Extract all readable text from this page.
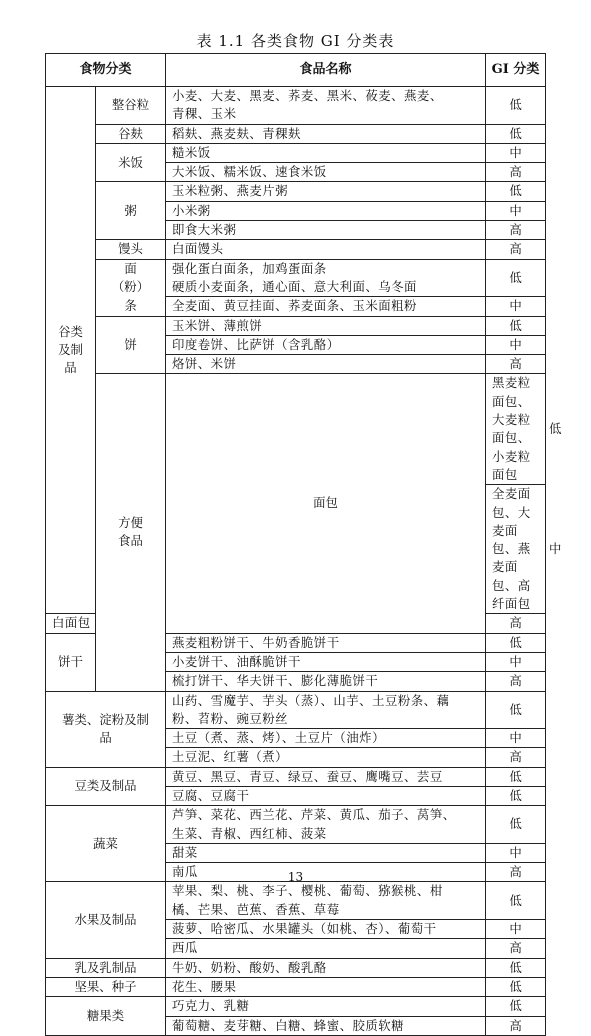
表 1.1 各类食物 GI 分类表
食物分类		食品名称	GI 分类	
谷类
及制
品	整谷粒	小麦、大麦、黑麦、荞麦、黑米、莜麦、燕麦、
青稞、玉米	低	
	谷麸	稻麸、燕麦麸、青稞麸	低	
	米饭	糙米饭	中	
		大米饭、糯米饭、速食米饭	高	
	粥	玉米粒粥、燕麦片粥	低	
		小米粥	中	
		即食大米粥	高	
	馒头	白面馒头	高	
	面
（粉）
条	强化蛋白面条，加鸡蛋面条
硬质小麦面条，通心面、意大利面、乌冬面	低	
		全麦面、黄豆挂面、荞麦面条、玉米面粗粉	中	
	饼	玉米饼、薄煎饼	低	
		印度卷饼、比萨饼（含乳酪）	中	
		烙饼、米饼	高	
	方便
食品	面包	黑麦粒面包、大麦粒面包、小麦粒面包	低
			全麦面包、大麦面包、燕麦面包、高纤面包	中
白面包			高	
饼干		燕麦粗粉饼干、牛奶香脆饼干	低	
		小麦饼干、油酥脆饼干	中	
		梳打饼干、华夫饼干、膨化薄脆饼干	高	
薯类、淀粉及制
品		山药、雪魔芋、芋头（蒸）、山芋、土豆粉条、藕
粉、苕粉、豌豆粉丝	低	
		土豆（煮、蒸、烤）、土豆片（油炸）	中	
		土豆泥、红薯（煮）	高	
豆类及制品		黄豆、黑豆、青豆、绿豆、蚕豆、鹰嘴豆、芸豆	低	
		豆腐、豆腐干	低	
蔬菜		芦笋、菜花、西兰花、芹菜、黄瓜、茄子、莴笋、
生菜、青椒、西红柿、菠菜	低	
		甜菜	中	
		南瓜	高	
水果及制品		苹果、梨、桃、李子、樱桃、葡萄、猕猴桃、柑
橘、芒果、芭蕉、香蕉、草莓	低	
		菠萝、哈密瓜、水果罐头（如桃、杏）、葡萄干	中	
		西瓜	高	
乳及乳制品		牛奶、奶粉、酸奶、酸乳酪	低	
坚果、种子		花生、腰果	低	
糖果类		巧克力、乳糖	低	
		葡萄糖、麦芽糖、白糖、蜂蜜、胶质软糖	高	
13
